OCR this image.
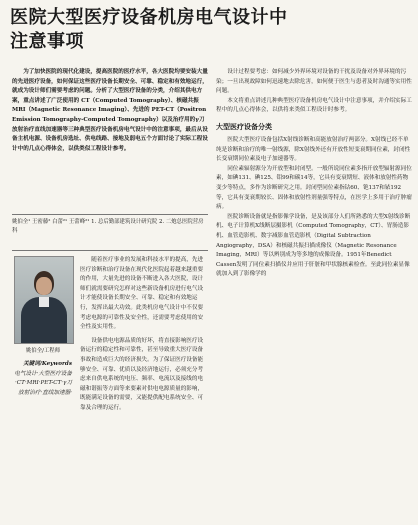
医院大型医疗设备机房电气设计中注意事项

为了加快医院的现代化建设，提高医院的医疗水平，各大医院均要安装大量的先进医疗设备，如何保证这些医疗设备长期安全、可靠、稳定和有效地运行，就成为设计师们需要考虑的问题。分析了大型医疗设备的分类，介绍其供电方案，重点讲述了广泛使用的 CT（Computed Tomography）、核磁共振 MRI（Magnetic Resonance Imaging）、先进的 PET-CT（Positron Emission Tomography-Computed Tomography）以及治疗用的γ刀放射治疗直线加速器等三种典型医疗设备机房电气设计中的注意事项，最后从设备主机电源、设备机房选址、供电线路、接地及弱电五个方面讨论了实际工程设计中的几点心得体会，以供类似工程设计参考。

姚伯全¹ 王密藤² 白蕾²¹ 王蕾峰²¹ 1. 总后勤部建筑设计研究院 2. 二炮总医院营房科
姚伯全/工程师
关键词/Keywords
电气设计·大型医疗设备·CT·MRI·PET-CT·γ刀放射治疗·直线加速器·

随着医疗事业的发展和科技水平的提高，先进医疗诊断和治疗设备在现代化医院起着越来越重要的作用，大量先进的设备不断进入各大医院，设计师们就需要研究怎样对这些新设备机房进行电气设计才能使设备长期安全、可靠、稳定和有效地运行，发挥出最大功效。此类机房电气设计中不仅要考虑电源的可靠性及安全性，还需要考虑使用的安全性及实用性。

设备供电电源品质的好坏，将直接影响医疗设备运行的稳定性和可靠性，甚至导致重大医疗设备事故和造成巨大的经济损失。为了保证医疗设备能够安全、可靠、优质以及经济地运行，必须充分考虑来自供电系统的电压、频率、电流以及接线的电磁和谐振等方面等来要素对供电电源质量的影响，既能满足设备的需要，又能提供配电系统安全、可靠及合理的运行。

设计过程要考虑：如何减少外界环境对设备的干扰及设备对外界环境的污染；一旦出现故障如何迅速地去除危害，如何便于医生与患者及时沟通等实用性问题。

本文将重点讲述几种典型医疗设备机房电气设计中注意事项，并介绍实际工程中的几点心得体会，以供将来类似工程设计时参考。

大型医疗设备分类

医院大型医疗设备包括X射线诊断和高能放射治疗两部分。X射线已经不单纯是诊断和治疗的唯一射线源，除X射线外还有开放性短变衰期同位素，封闭性长变衰期同位素及电子加速器等。

同位素辐射源分为开放型和封闭型。一般所说同位素多指开放型辐射源同位素，如碘131、碘125、钼99和碳14等，它具有变衰期短、液体和放射性药物变少等特点，多作为诊断研究之用。封闭型同位素指钴60、铯137和铱192等，它具有变衰期较长、固体和放射性剂量强等特点，在医学上多用于治疗肿瘤病。

医院诊断设备就是指影像学设备，是及该部分人们所熟悉的大型X射线诊断机、电子计算机X线断层摄影机（Computed Tomography，CT）、胃肠造影机、血管造影机、数字减影血管造影机（Digital Subtraction Angiography，DSA）和核磁共振扫描成像仪（Magnetic Resonance Imaging，MRI）等以辨别成为等多地的成像设备。1951年Benedict Cassen发明了同位素扫描仪并应用于肝脏和甲状腺核素检查。至此同位素显像就加入到了影像学的
